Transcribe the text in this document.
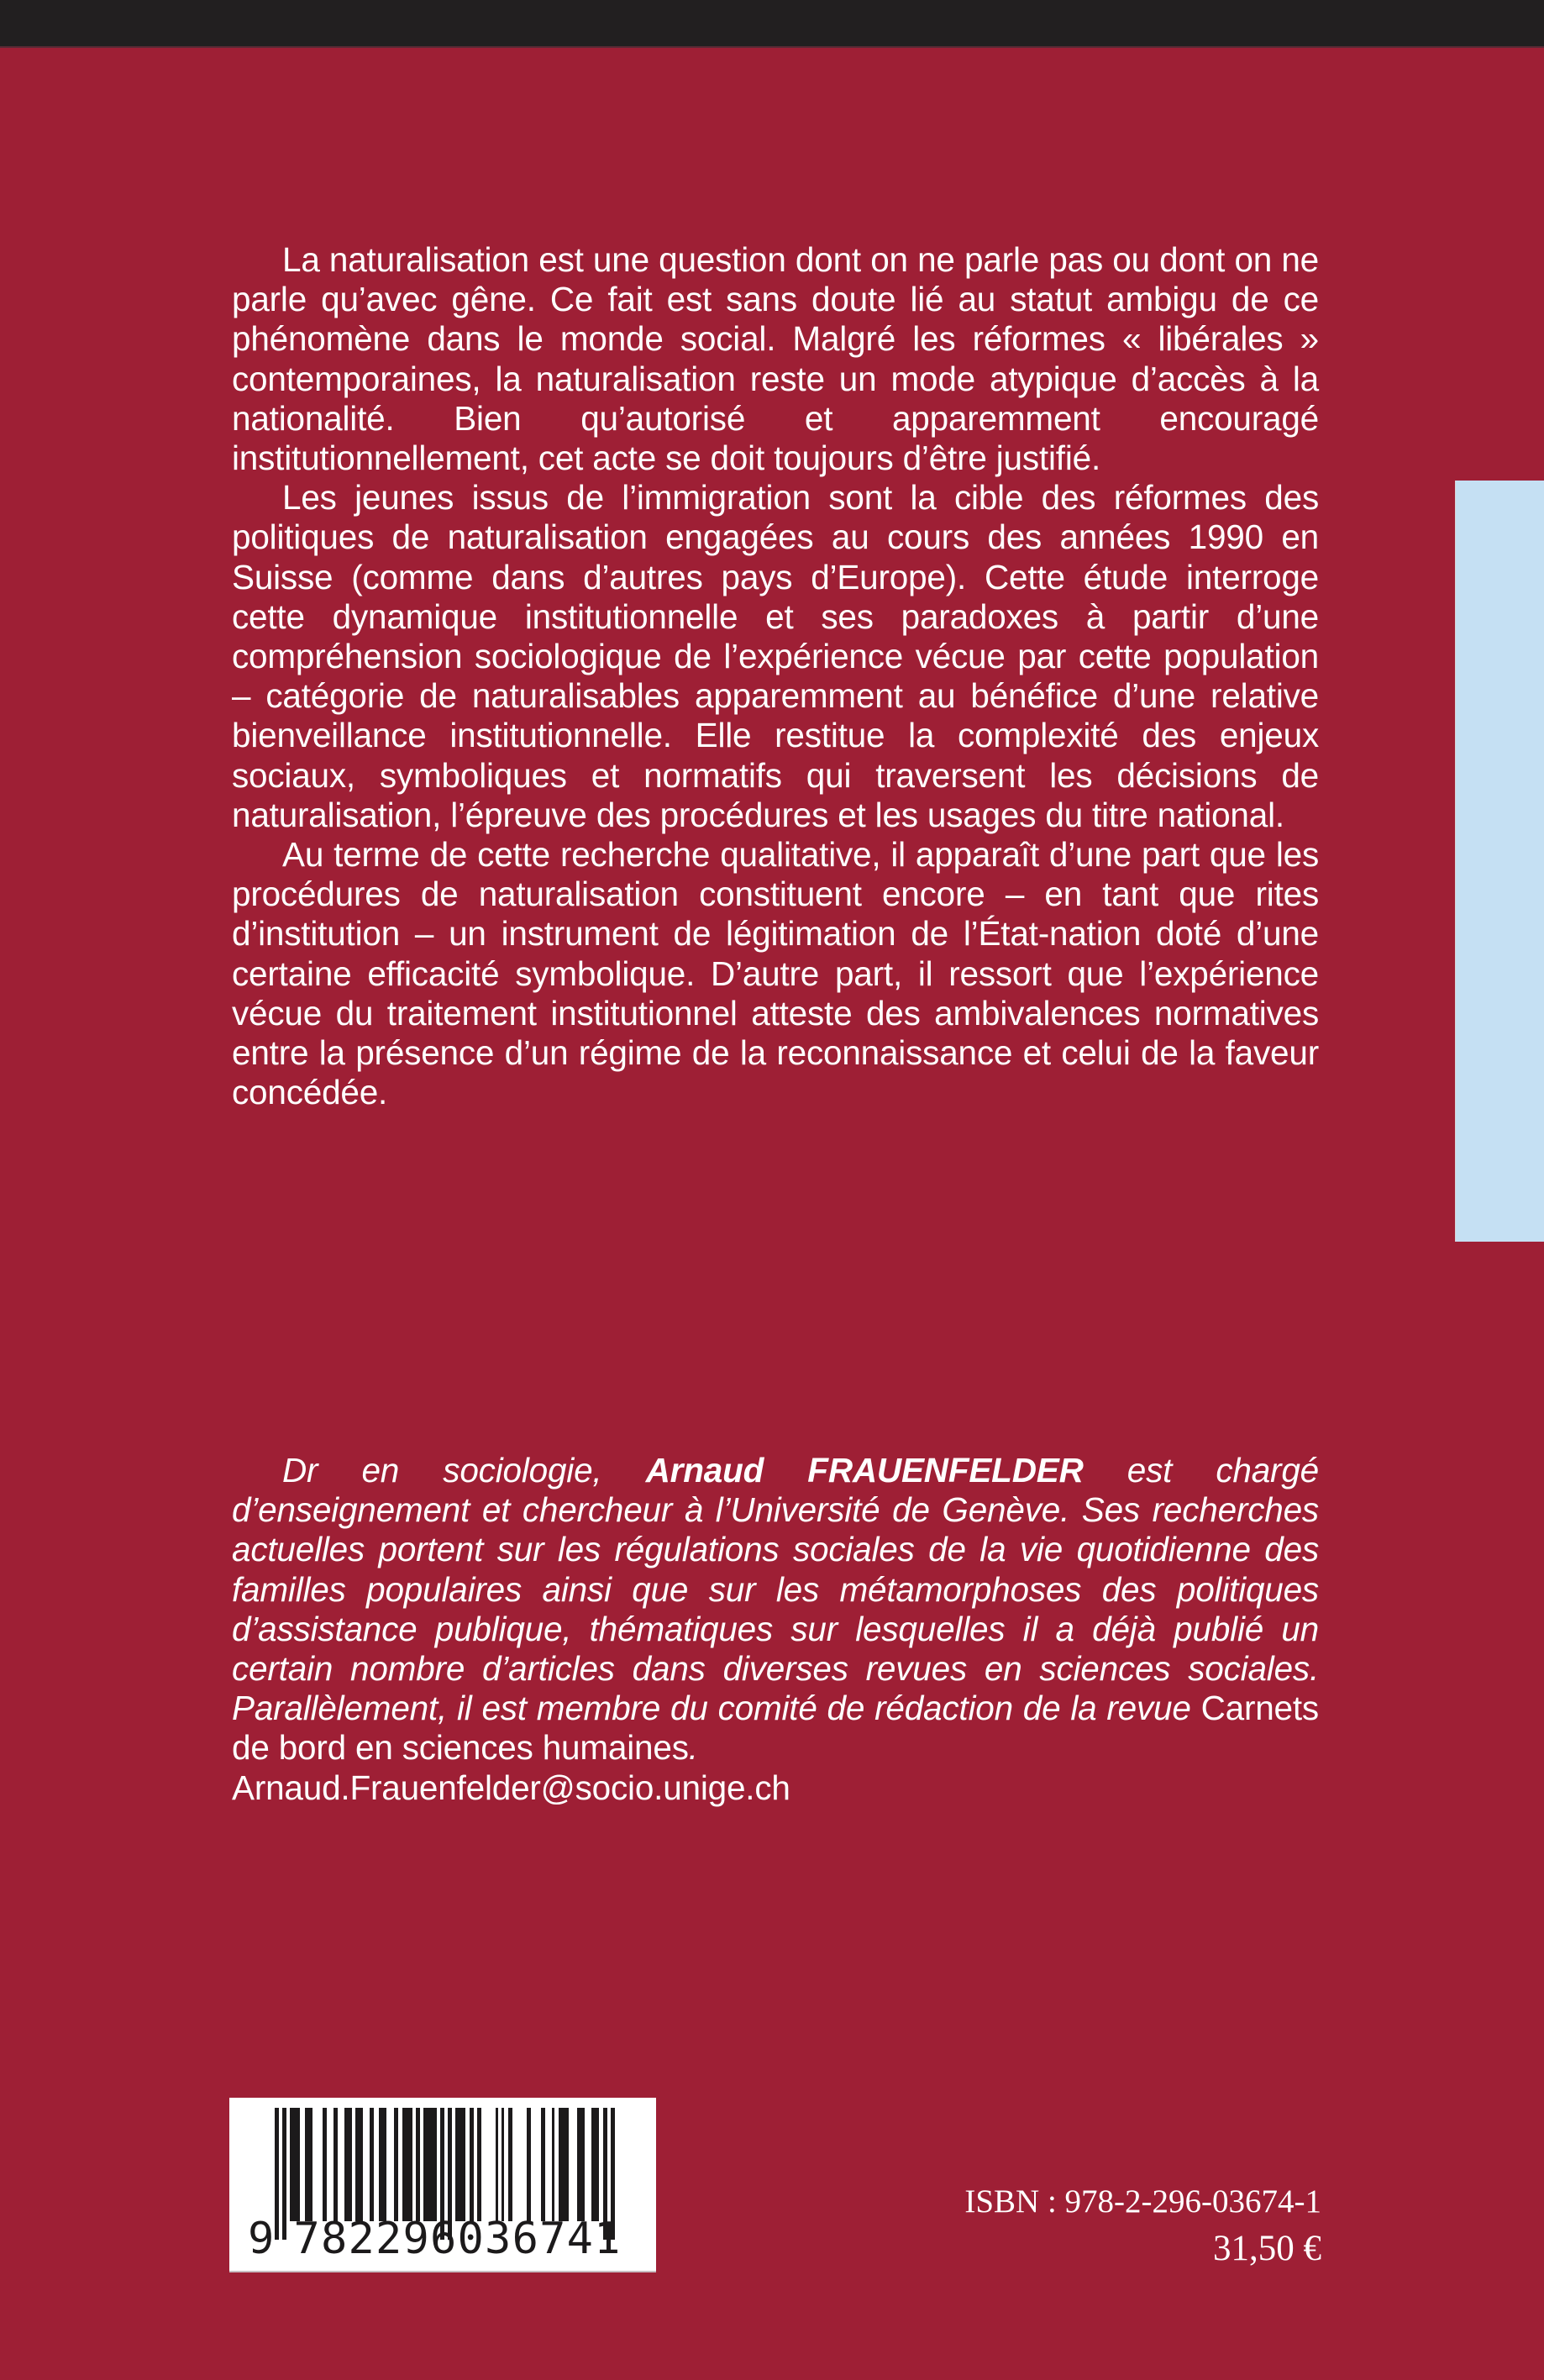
La naturalisation est une question dont on ne parle pas ou dont on ne parle qu’avec gêne. Ce fait est sans doute lié au statut ambigu de ce phénomène dans le monde social. Malgré les réformes « libérales » contemporaines, la naturalisation reste un mode atypique d’accès à la nationalité. Bien qu’autorisé et apparemment encouragé institutionnellement, cet acte se doit toujours d’être justifié.

Les jeunes issus de l’immigration sont la cible des réformes des politiques de naturalisation engagées au cours des années 1990 en Suisse (comme dans d’autres pays d’Europe). Cette étude interroge cette dynamique institutionnelle et ses paradoxes à partir d’une compréhension sociologique de l’expérience vécue par cette population – catégorie de naturalisables apparemment au bénéfice d’une relative bienveillance institutionnelle. Elle restitue la complexité des enjeux sociaux, symboliques et normatifs qui traversent les décisions de naturalisation, l’épreuve des procédures et les usages du titre national.

Au terme de cette recherche qualitative, il apparaît d’une part que les procédures de naturalisation constituent encore – en tant que rites d’institution – un instrument de légitimation de l’État-nation doté d’une certaine efficacité symbolique. D’autre part, il ressort que l’expérience vécue du traitement institutionnel atteste des ambivalences normatives entre la présence d’un régime de la reconnaissance et celui de la faveur concédée.

Dr en sociologie, Arnaud FRAUENFELDER est chargé d’enseignement et chercheur à l’Université de Genève. Ses recherches actuelles portent sur les régulations sociales de la vie quotidienne des familles populaires ainsi que sur les métamorphoses des politiques d’assistance publique, thématiques sur lesquelles il a déjà publié un certain nombre d’articles dans diverses revues en sciences sociales. Parallèlement, il est membre du comité de rédaction de la revue Carnets de bord en sciences humaines.

Arnaud.Frauenfelder@socio.unige.ch
9 782296036741
ISBN : 978-2-296-03674-1
31,50 €
